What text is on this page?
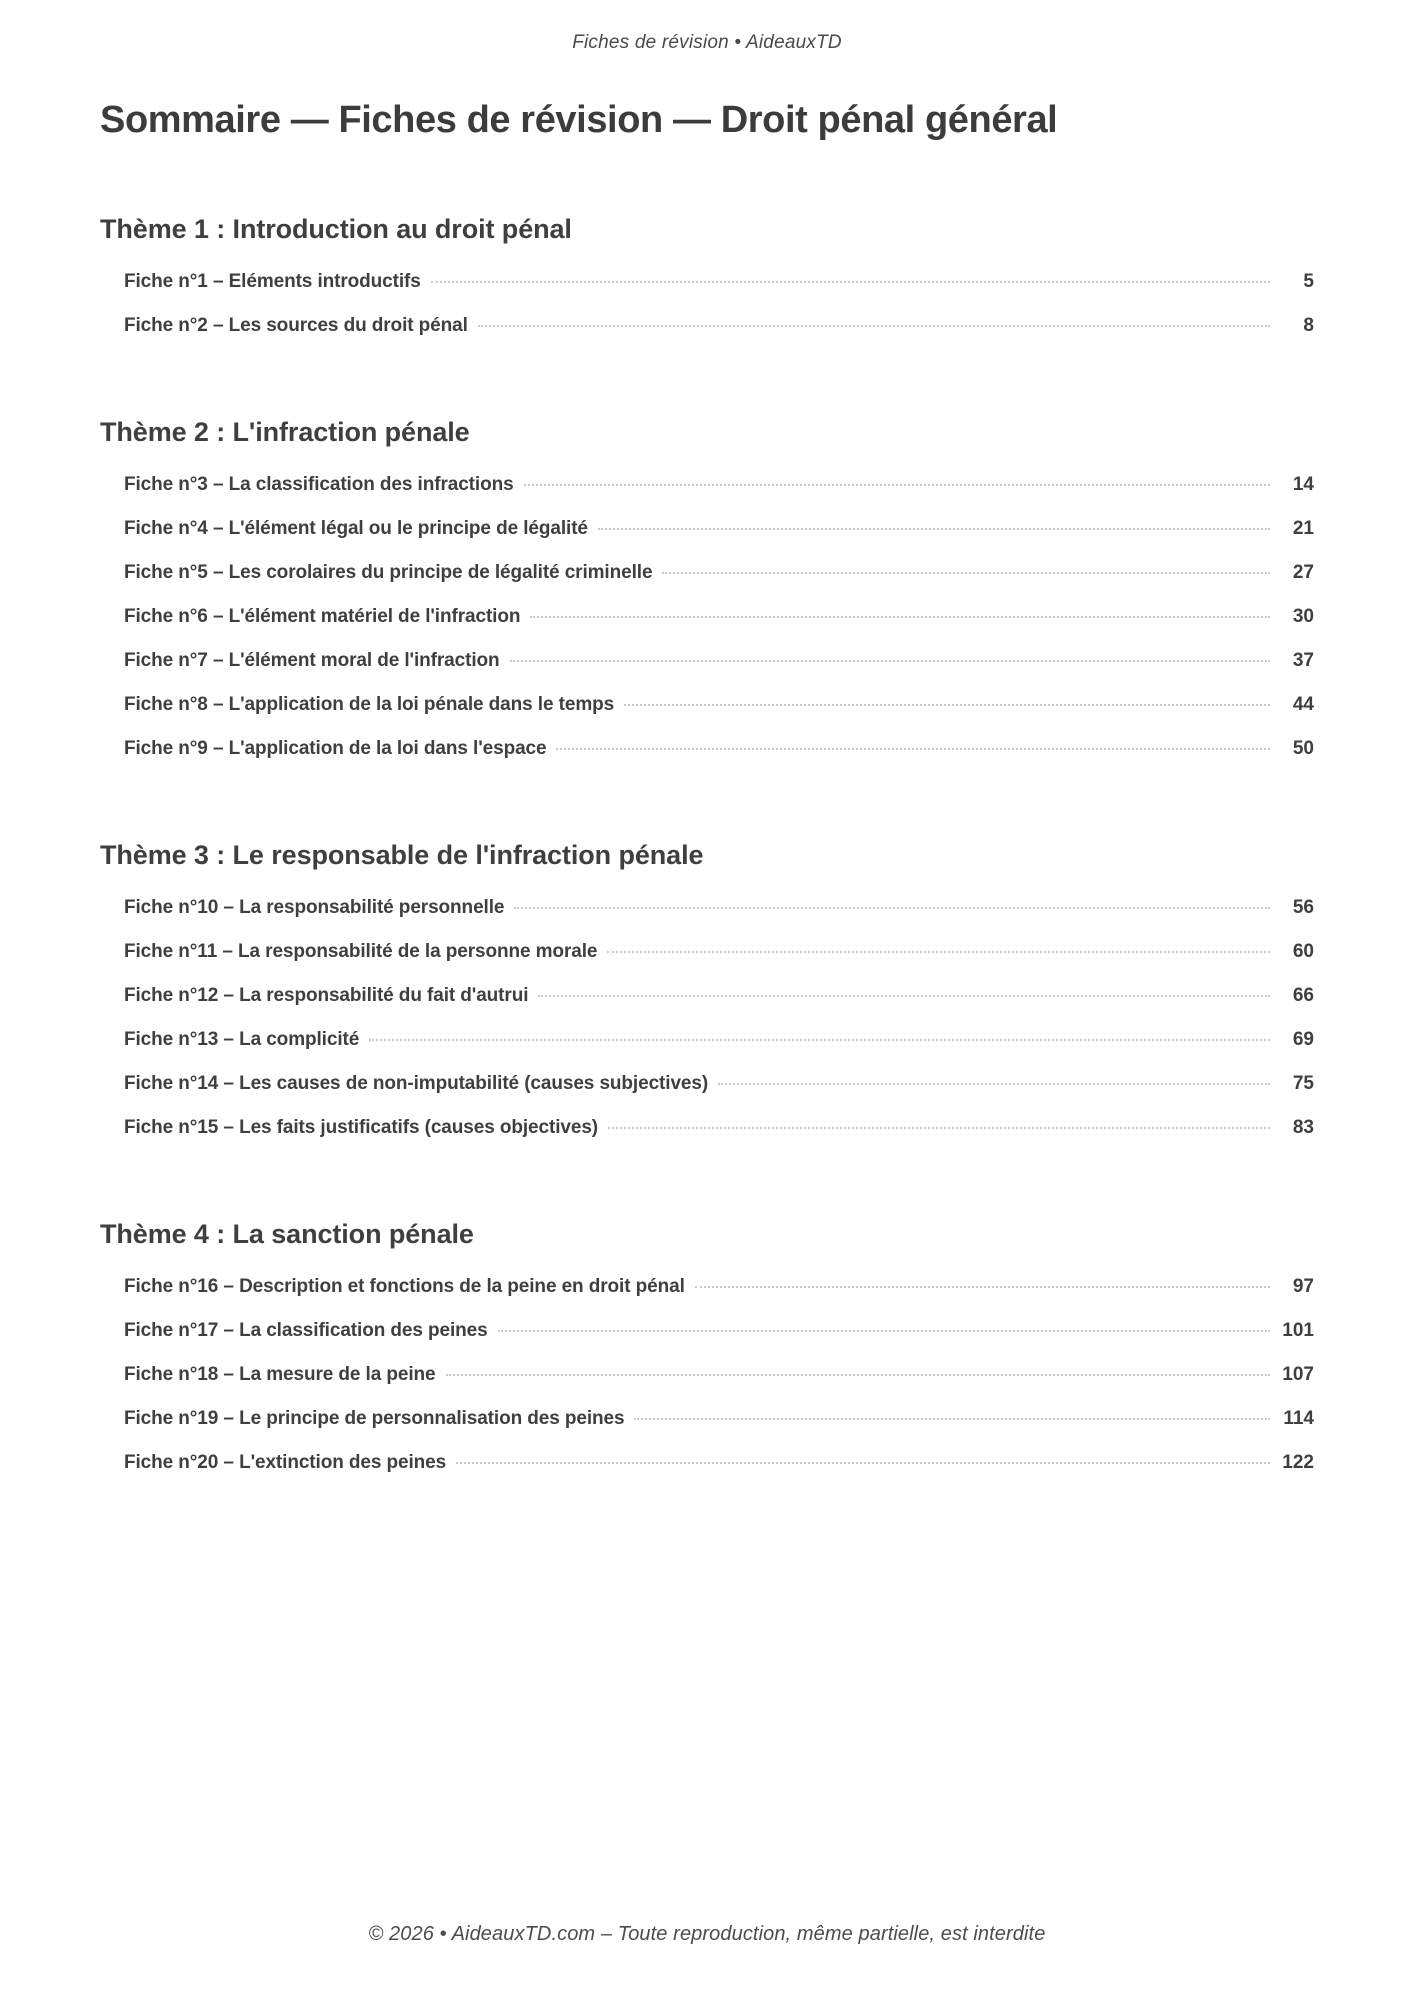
Fiches de révision • AideauxTD
Sommaire — Fiches de révision — Droit pénal général
Thème 1 : Introduction au droit pénal
Fiche n°1 – Eléments introductifs	5
Fiche n°2 – Les sources du droit pénal	8
Thème 2 : L'infraction pénale
Fiche n°3 – La classification des infractions	14
Fiche n°4 – L'élément légal ou le principe de légalité	21
Fiche n°5 – Les corolaires du principe de légalité criminelle	27
Fiche n°6 – L'élément matériel de l'infraction	30
Fiche n°7 – L'élément moral de l'infraction	37
Fiche n°8 – L'application de la loi pénale dans le temps	44
Fiche n°9 – L'application de la loi dans l'espace	50
Thème 3 : Le responsable de l'infraction pénale
Fiche n°10 – La responsabilité personnelle	56
Fiche n°11 – La responsabilité de la personne morale	60
Fiche n°12 – La responsabilité du fait d'autrui	66
Fiche n°13 – La complicité	69
Fiche n°14 – Les causes de non-imputabilité (causes subjectives)	75
Fiche n°15 – Les faits justificatifs (causes objectives)	83
Thème 4 : La sanction pénale
Fiche n°16 – Description et fonctions de la peine en droit pénal	97
Fiche n°17 – La classification des peines	101
Fiche n°18 – La mesure de la peine	107
Fiche n°19 – Le principe de personnalisation des peines	114
Fiche n°20 – L'extinction des peines	122
© 2026 • AideauxTD.com – Toute reproduction, même partielle, est interdite
